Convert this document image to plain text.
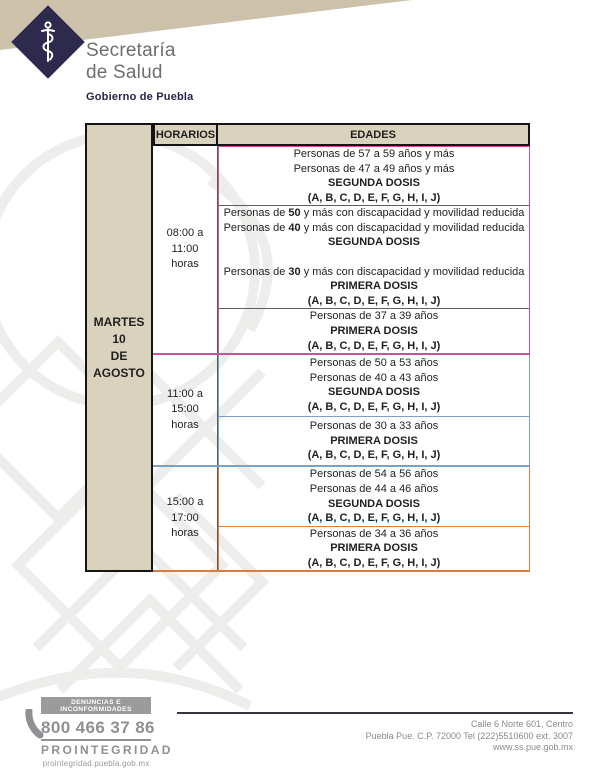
Secretaría
de Salud
Gobierno de Puebla
MARTES 10
DE AGOSTO
HORARIOS	EDADES
08:00 a
11:00
horas
Personas de 57 a 59 años y más
Personas de 47 a 49 años y más
SEGUNDA DOSIS
(A, B, C, D, E, F, G, H, I, J)
Personas de 50 y más con discapacidad y movilidad reducida
Personas de 40 y más con discapacidad y movilidad reducida
SEGUNDA DOSIS

Personas de 30 y más con discapacidad y movilidad reducida
PRIMERA DOSIS
(A, B, C, D, E, F, G, H, I, J)
Personas de 37 a 39 años
PRIMERA DOSIS
(A, B, C, D, E, F, G, H, I, J)
11:00 a
15:00
horas
Personas de 50 a 53 años
Personas de 40 a 43 años
SEGUNDA DOSIS
(A, B, C, D, E, F, G, H, I, J)
Personas de 30 a 33 años
PRIMERA DOSIS
(A, B, C, D, E, F, G, H, I, J)
15:00 a
17:00
horas
Personas de 54 a 56 años
Personas de 44 a 46 años
SEGUNDA DOSIS
(A, B, C, D, E, F, G, H, I, J)
Personas de 34 a 36 años
PRIMERA DOSIS
(A, B, C, D, E, F, G, H, I, J)
DENUNCIAS E INCONFORMIDADES
800 466 37 86
PROINTEGRIDAD
prointegridad.puebla.gob.mx
Calle 6 Norte 601, Centro
Puebla Pue. C.P. 72000 Tel (222)5510600 ext. 3007
www.ss.pue.gob.mx
